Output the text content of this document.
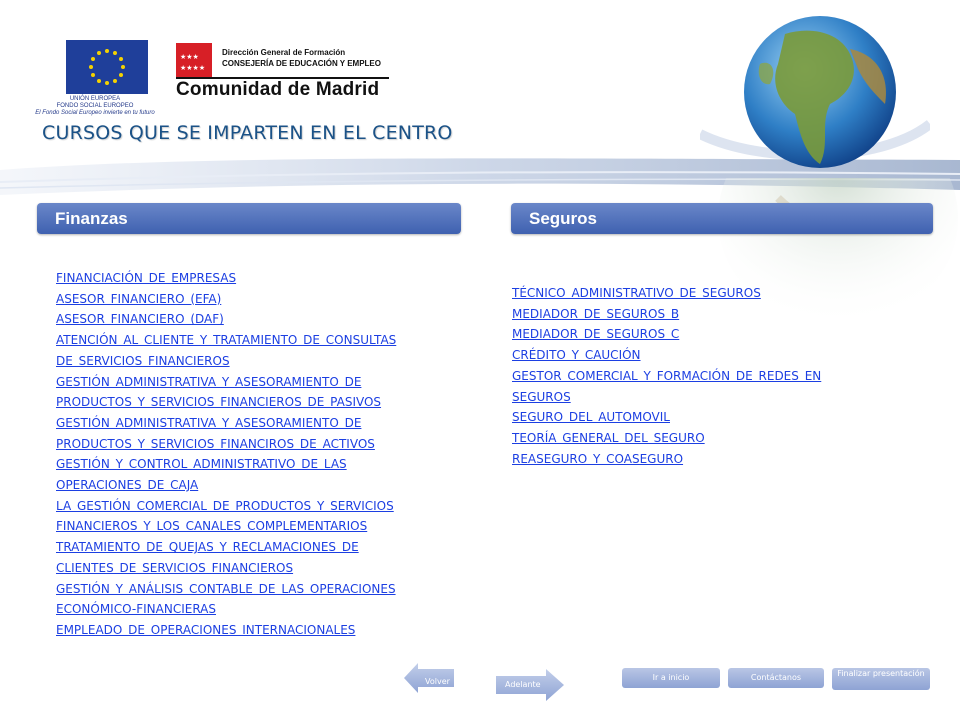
UNIÓN EUROPEA
FONDO SOCIAL EUROPEO
El Fondo Social Europeo invierte en tu futuro
★★★
★★★★
Dirección General de Formación
CONSEJERÍA DE EDUCACIÓN Y EMPLEO
Comunidad de Madrid
CURSOS QUE SE IMPARTEN EN EL CENTRO
Finanzas	Seguros
FINANCIACIÓN DE EMPRESAS
ASESOR FINANCIERO (EFA)
ASESOR FINANCIERO (DAF)
ATENCIÓN AL CLIENTE Y TRATAMIENTO DE CONSULTAS
DE SERVICIOS FINANCIEROS
GESTIÓN ADMINISTRATIVA Y ASESORAMIENTO DE
PRODUCTOS Y SERVICIOS FINANCIEROS DE PASIVOS
GESTIÓN ADMINISTRATIVA Y ASESORAMIENTO DE
PRODUCTOS Y SERVICIOS FINANCIROS DE ACTIVOS
GESTIÓN Y CONTROL ADMINISTRATIVO DE LAS
OPERACIONES DE CAJA
LA GESTIÓN COMERCIAL DE PRODUCTOS Y SERVICIOS
FINANCIEROS Y LOS CANALES COMPLEMENTARIOS
TRATAMIENTO DE QUEJAS Y RECLAMACIONES DE
CLIENTES DE SERVICIOS FINANCIEROS
GESTIÓN Y ANÁLISIS CONTABLE DE LAS OPERACIONES
ECONÓMICO-FINANCIERAS
EMPLEADO DE OPERACIONES INTERNACIONALES
TÉCNICO ADMINISTRATIVO DE SEGUROS
MEDIADOR DE SEGUROS B
MEDIADOR DE SEGUROS C
CRÉDITO Y CAUCIÓN
GESTOR COMERCIAL Y FORMACIÓN DE REDES EN
SEGUROS
SEGURO DEL AUTOMOVIL
TEORÍA GENERAL DEL SEGURO
REASEGURO Y COASEGURO
Volver	Adelante
Ir a inicio	Contáctanos	Finalizar presentación
